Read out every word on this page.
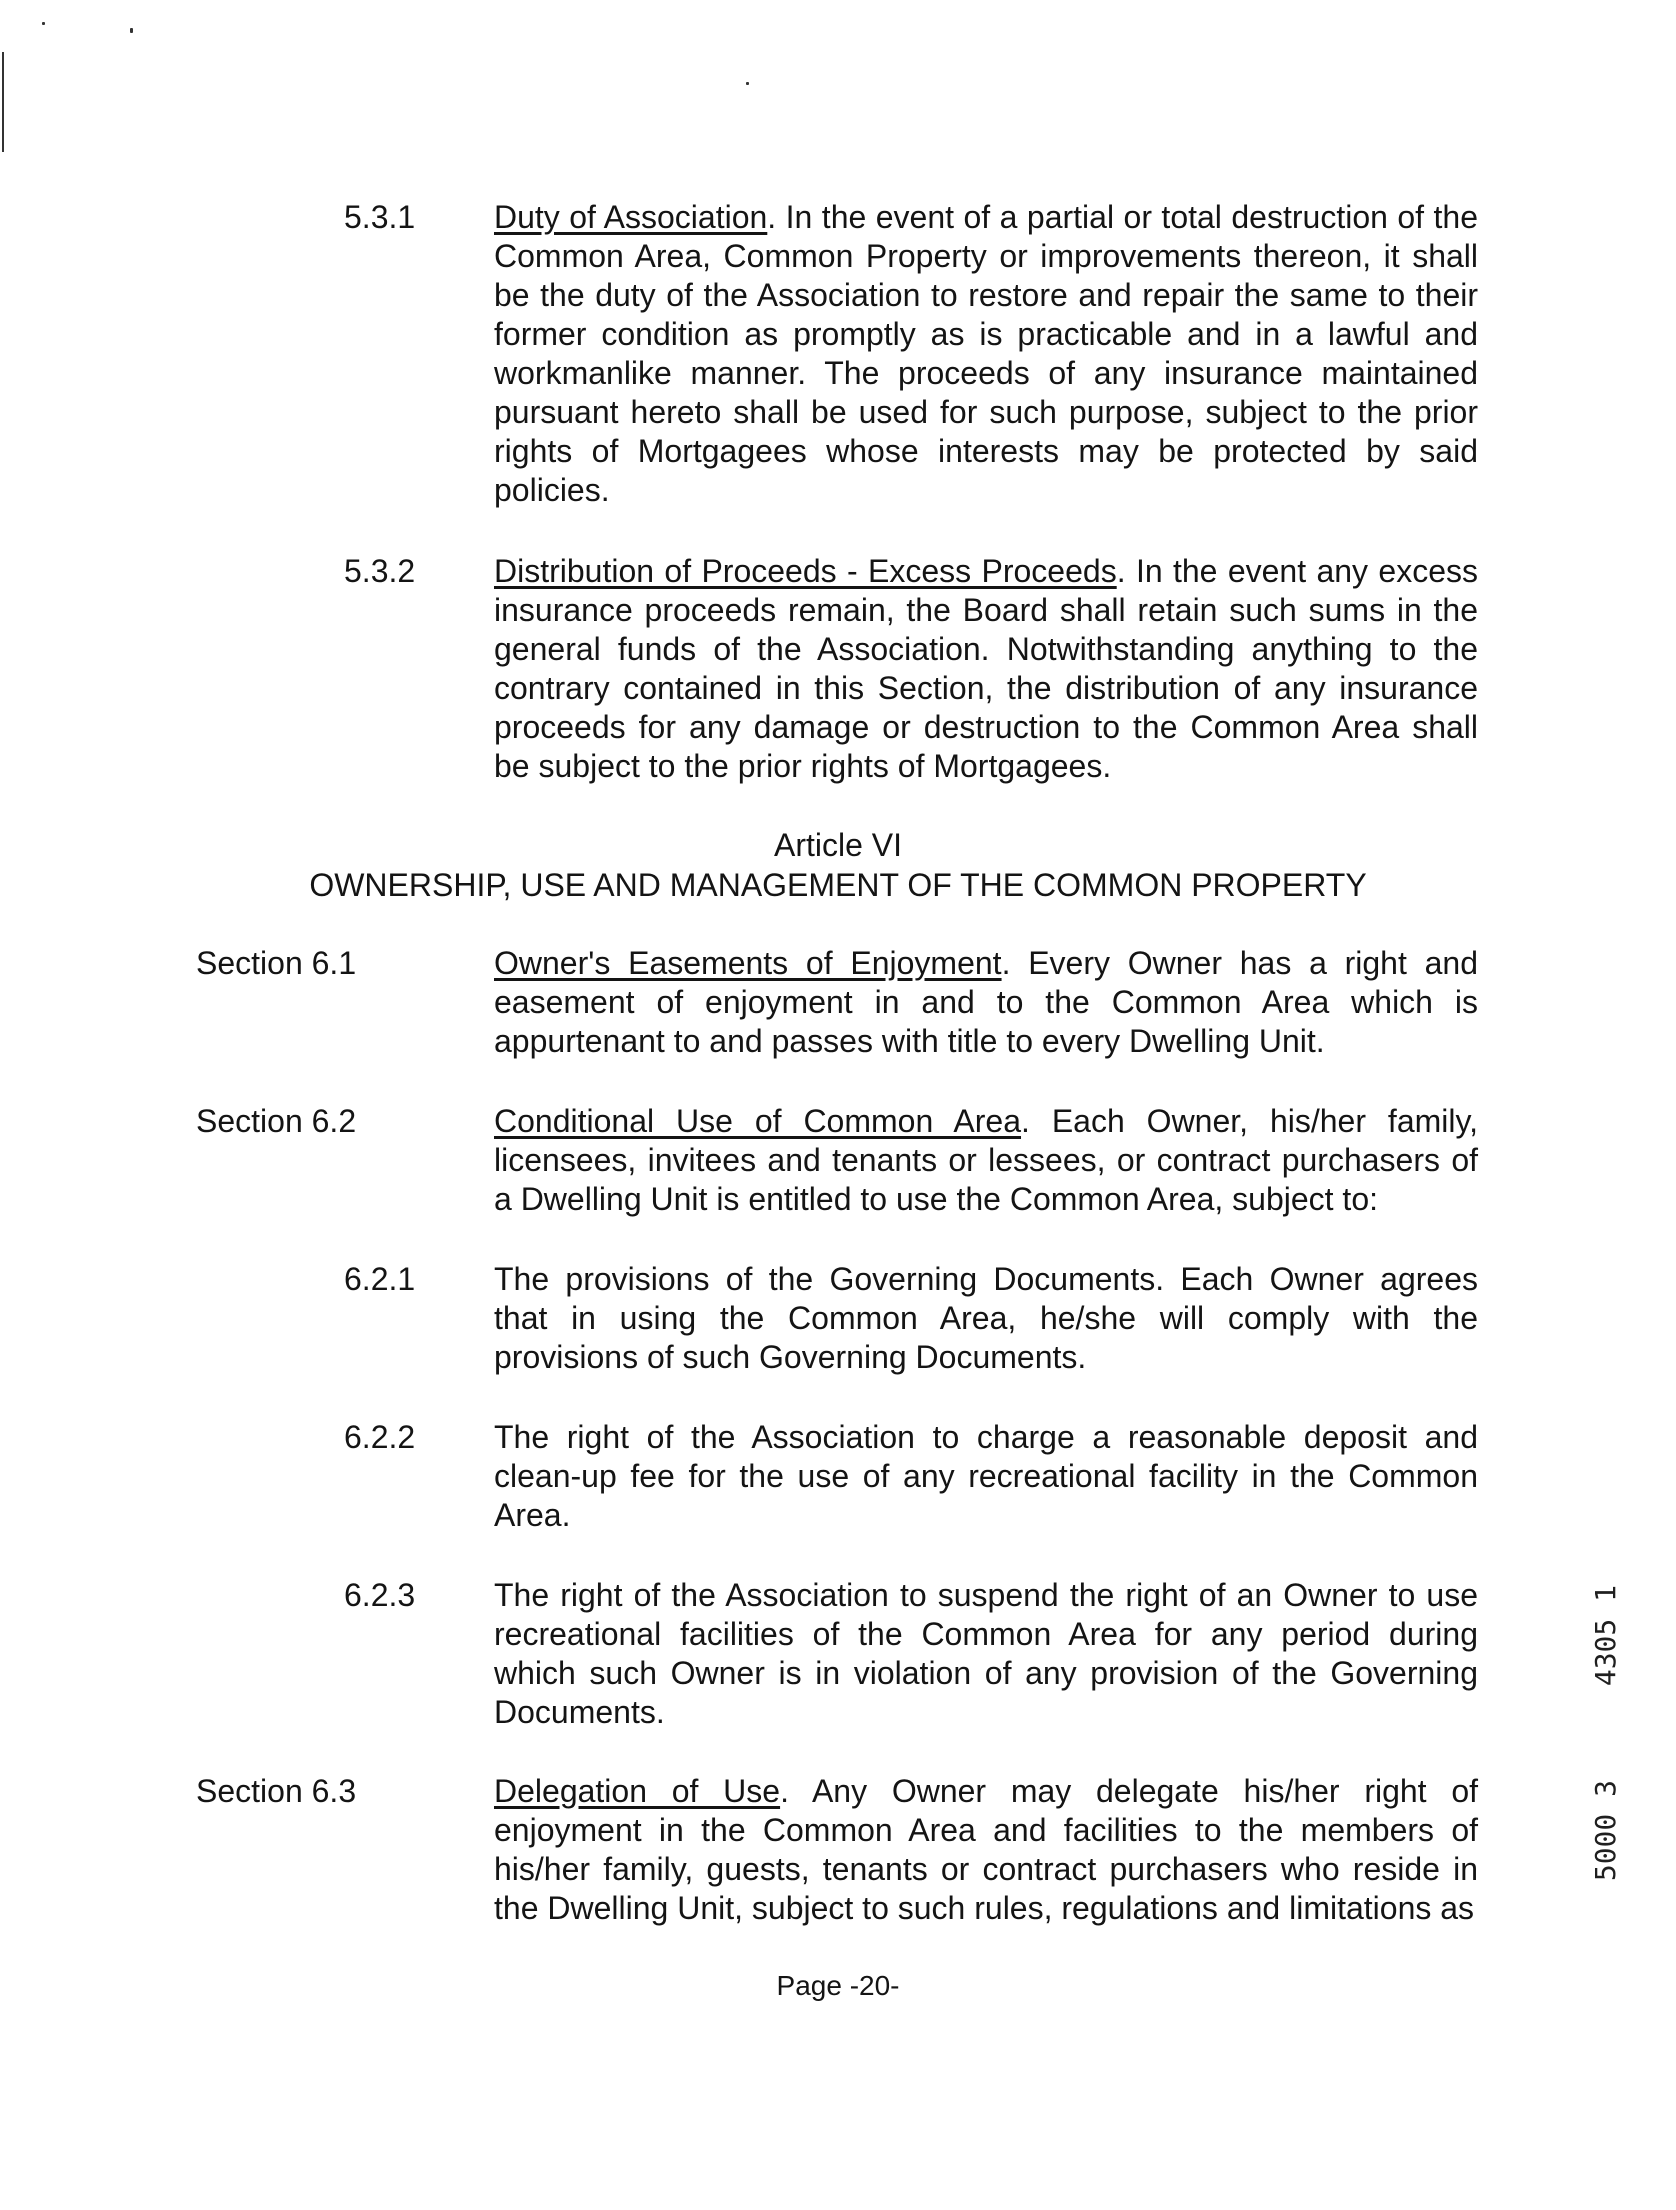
5.3.1 Duty of Association. In the event of a partial or total destruction of the Common Area, Common Property or improvements thereon, it shall be the duty of the Association to restore and repair the same to their former condition as promptly as is practicable and in a lawful and workmanlike manner. The proceeds of any insurance maintained pursuant hereto shall be used for such purpose, subject to the prior rights of Mortgagees whose interests may be protected by said policies.
5.3.2 Distribution of Proceeds - Excess Proceeds. In the event any excess insurance proceeds remain, the Board shall retain such sums in the general funds of the Association. Notwithstanding anything to the contrary contained in this Section, the distribution of any insurance proceeds for any damage or destruction to the Common Area shall be subject to the prior rights of Mortgagees.
Article VI
OWNERSHIP, USE AND MANAGEMENT OF THE COMMON PROPERTY
Section 6.1	Owner's Easements of Enjoyment. Every Owner has a right and easement of enjoyment in and to the Common Area which is appurtenant to and passes with title to every Dwelling Unit.
Section 6.2	Conditional Use of Common Area. Each Owner, his/her family, licensees, invitees and tenants or lessees, or contract purchasers of a Dwelling Unit is entitled to use the Common Area, subject to:
6.2.1 The provisions of the Governing Documents. Each Owner agrees that in using the Common Area, he/she will comply with the provisions of such Governing Documents.
6.2.2 The right of the Association to charge a reasonable deposit and clean-up fee for the use of any recreational facility in the Common Area.
6.2.3 The right of the Association to suspend the right of an Owner to use recreational facilities of the Common Area for any period during which such Owner is in violation of any provision of the Governing Documents.
Section 6.3	Delegation of Use. Any Owner may delegate his/her right of enjoyment in the Common Area and facilities to the members of his/her family, guests, tenants or contract purchasers who reside in the Dwelling Unit, subject to such rules, regulations and limitations as
Page -20-
5000 3
4305 1
